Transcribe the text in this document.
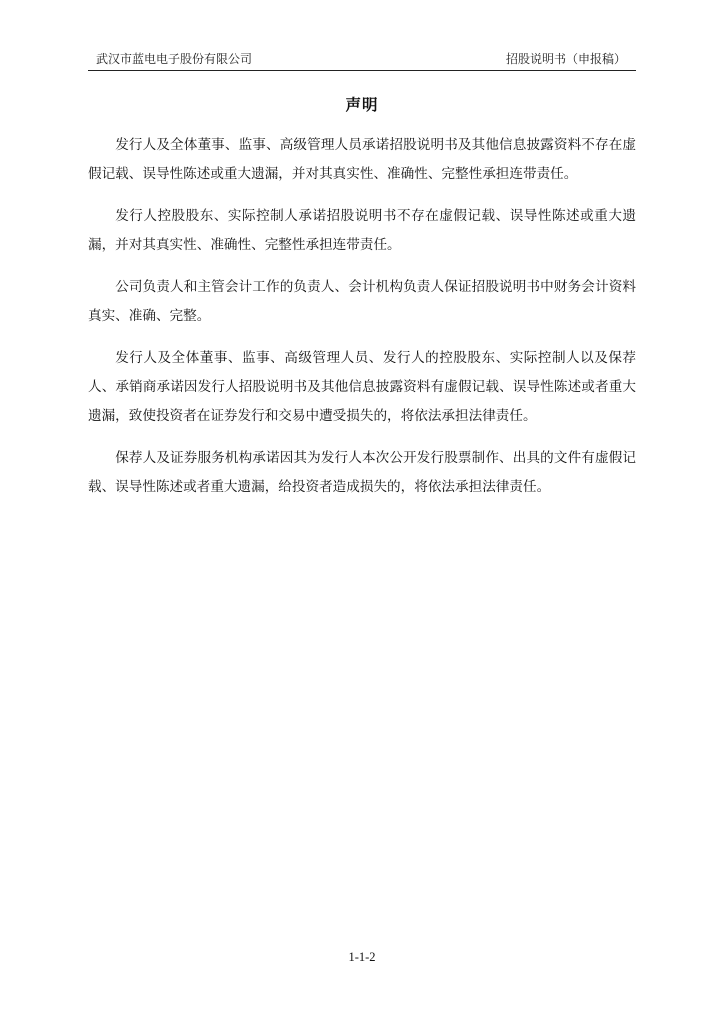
武汉市蓝电电子股份有限公司	招股说明书（申报稿）
声明

发行人及全体董事、监事、高级管理人员承诺招股说明书及其他信息披露资料不存在虚假记载、误导性陈述或重大遗漏，并对其真实性、准确性、完整性承担连带责任。

发行人控股股东、实际控制人承诺招股说明书不存在虚假记载、误导性陈述或重大遗漏，并对其真实性、准确性、完整性承担连带责任。

公司负责人和主管会计工作的负责人、会计机构负责人保证招股说明书中财务会计资料真实、准确、完整。

发行人及全体董事、监事、高级管理人员、发行人的控股股东、实际控制人以及保荐人、承销商承诺因发行人招股说明书及其他信息披露资料有虚假记载、误导性陈述或者重大遗漏，致使投资者在证券发行和交易中遭受损失的，将依法承担法律责任。

保荐人及证券服务机构承诺因其为发行人本次公开发行股票制作、出具的文件有虚假记载、误导性陈述或者重大遗漏，给投资者造成损失的，将依法承担法律责任。

1-1-2
